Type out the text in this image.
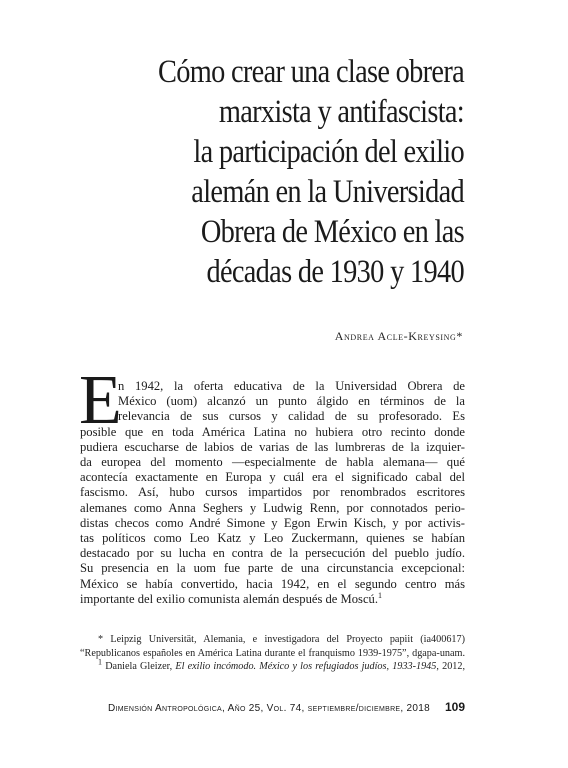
Cómo crear una clase obrera
marxista y antifascista:
la participación del exilio
alemán en la Universidad
Obrera de México en las
décadas de 1930 y 1940
Andrea Acle-Kreysing*
E
n 1942, la oferta educativa de la Universidad Obrera de
México (uom) alcanzó un punto álgido en términos de la
relevancia de sus cursos y calidad de su profesorado. Es
posible que en toda América Latina no hubiera otro recinto donde
pudiera escucharse de labios de varias de las lumbreras de la izquier-
da europea del momento —especialmente de habla alemana— qué
acontecía exactamente en Europa y cuál era el significado cabal del
fascismo. Así, hubo cursos impartidos por renombrados escritores
alemanes como Anna Seghers y Ludwig Renn, por connotados perio-
distas checos como André Simone y Egon Erwin Kisch, y por activis-
tas políticos como Leo Katz y Leo Zuckermann, quienes se habían
destacado por su lucha en contra de la persecución del pueblo judío.
Su presencia en la uom fue parte de una circunstancia excepcional:
México se había convertido, hacia 1942, en el segundo centro más
importante del exilio comunista alemán después de Moscú.$^1$
* Leipzig Universität, Alemania, e investigadora del Proyecto papiit (ia400617)
“Republicanos españoles en América Latina durante el franquismo 1939-1975”, dgapa-unam.
$^1$ Daniela Gleizer, El exilio incómodo. México y los refugiados judíos, 1933-1945, 2012,
Dimensión Antropológica, Año 25, Vol. 74, septiembre/diciembre, 2018 109
